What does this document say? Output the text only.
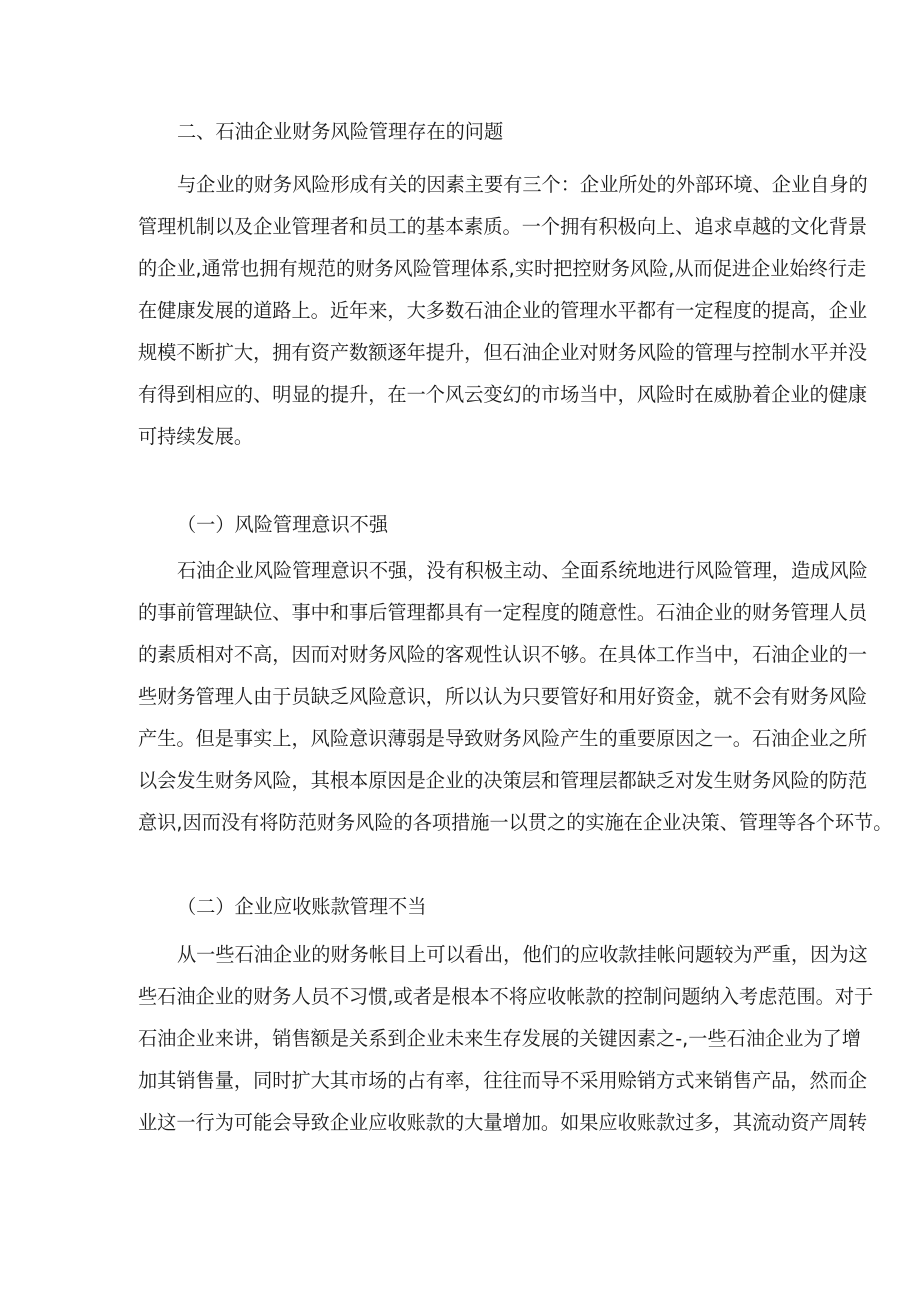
二、石油企业财务风险管理存在的问题
与企业的财务风险形成有关的因素主要有三个：企业所处的外部环境、企业自身的
管理机制以及企业管理者和员工的基本素质。一个拥有积极向上、追求卓越的文化背景
的企业,通常也拥有规范的财务风险管理体系,实时把控财务风险,从而促进企业始终行走
在健康发展的道路上。近年来，大多数石油企业的管理水平都有一定程度的提高，企业
规模不断扩大，拥有资产数额逐年提升，但石油企业对财务风险的管理与控制水平并没
有得到相应的、明显的提升，在一个风云变幻的市场当中，风险时在威胁着企业的健康
可持续发展。
（一）风险管理意识不强
石油企业风险管理意识不强，没有积极主动、全面系统地进行风险管理，造成风险
的事前管理缺位、事中和事后管理都具有一定程度的随意性。石油企业的财务管理人员
的素质相对不高，因而对财务风险的客观性认识不够。在具体工作当中，石油企业的一
些财务管理人由于员缺乏风险意识，所以认为只要管好和用好资金，就不会有财务风险
产生。但是事实上，风险意识薄弱是导致财务风险产生的重要原因之一。石油企业之所
以会发生财务风险，其根本原因是企业的决策层和管理层都缺乏对发生财务风险的防范
意识,因而没有将防范财务风险的各项措施一以贯之的实施在企业决策、管理等各个环节。
（二）企业应收账款管理不当
从一些石油企业的财务帐目上可以看出，他们的应收款挂帐问题较为严重，因为这
些石油企业的财务人员不习惯,或者是根本不将应收帐款的控制问题纳入考虑范围。对于
石油企业来讲，销售额是关系到企业未来生存发展的关键因素之-,一些石油企业为了增
加其销售量，同时扩大其市场的占有率，往往而导不采用赊销方式来销售产品，然而企
业这一行为可能会导致企业应收账款的大量增加。如果应收账款过多，其流动资产周转
